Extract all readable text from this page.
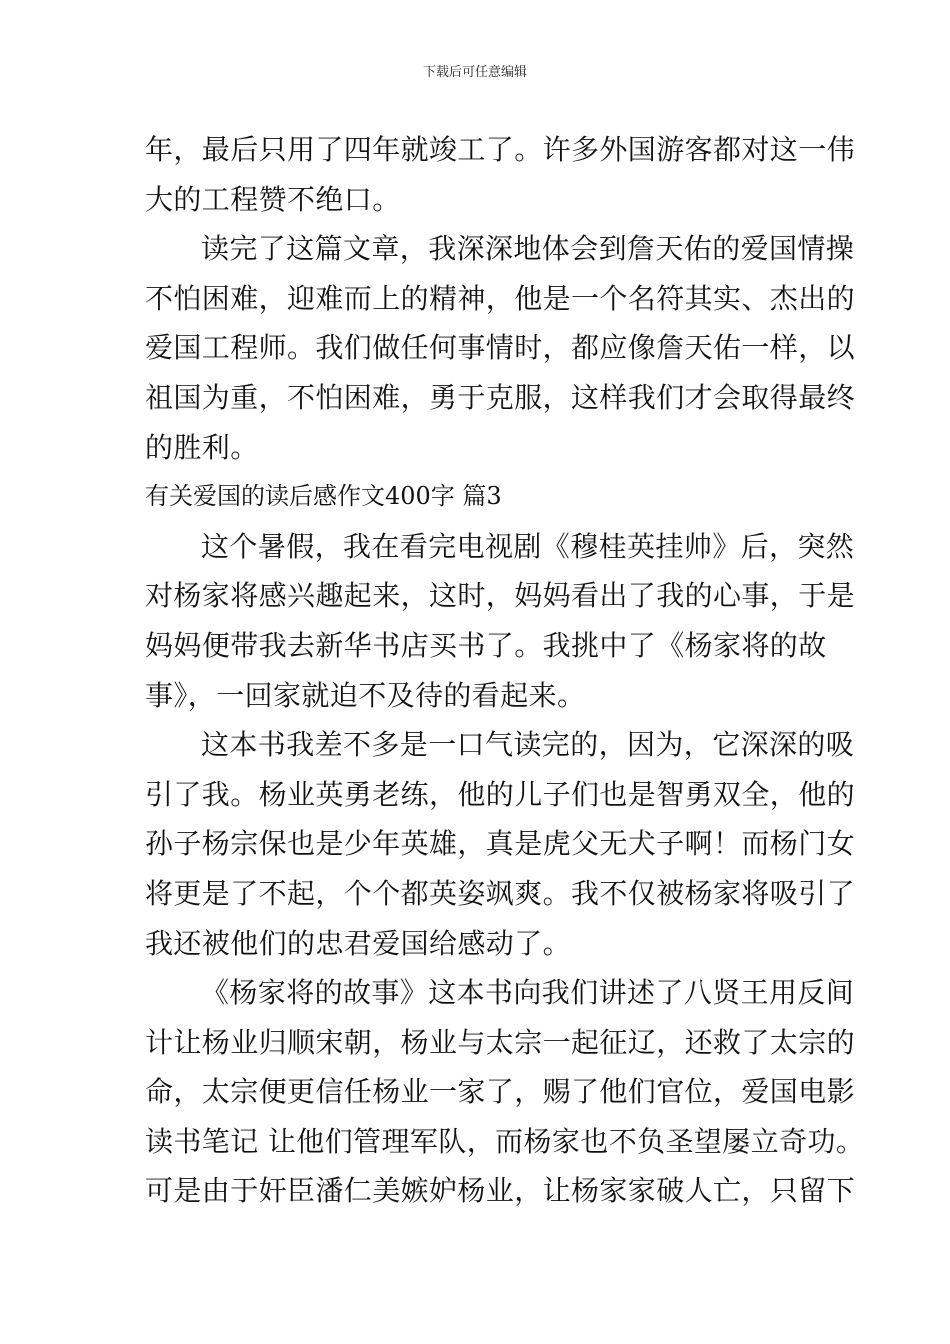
下载后可任意编辑
年，最后只用了四年就竣工了。许多外国游客都对这一伟
大的工程赞不绝口。
读完了这篇文章，我深深地体会到詹天佑的爱国情操
不怕困难，迎难而上的精神，他是一个名符其实、杰出的
爱国工程师。我们做任何事情时，都应像詹天佑一样，以
祖国为重，不怕困难，勇于克服，这样我们才会取得最终
的胜利。
有关爱国的读后感作文400字 篇3
这个暑假，我在看完电视剧《穆桂英挂帅》后，突然
对杨家将感兴趣起来，这时，妈妈看出了我的心事，于是
妈妈便带我去新华书店买书了。我挑中了《杨家将的故
事》，一回家就迫不及待的看起来。
这本书我差不多是一口气读完的，因为，它深深的吸
引了我。杨业英勇老练，他的儿子们也是智勇双全，他的
孙子杨宗保也是少年英雄，真是虎父无犬子啊！而杨门女
将更是了不起，个个都英姿飒爽。我不仅被杨家将吸引了
我还被他们的忠君爱国给感动了。
《杨家将的故事》这本书向我们讲述了八贤王用反间
计让杨业归顺宋朝，杨业与太宗一起征辽，还救了太宗的
命，太宗便更信任杨业一家了，赐了他们官位，爱国电影
读书笔记 让他们管理军队，而杨家也不负圣望屡立奇功。
可是由于奸臣潘仁美嫉妒杨业，让杨家家破人亡，只留下
